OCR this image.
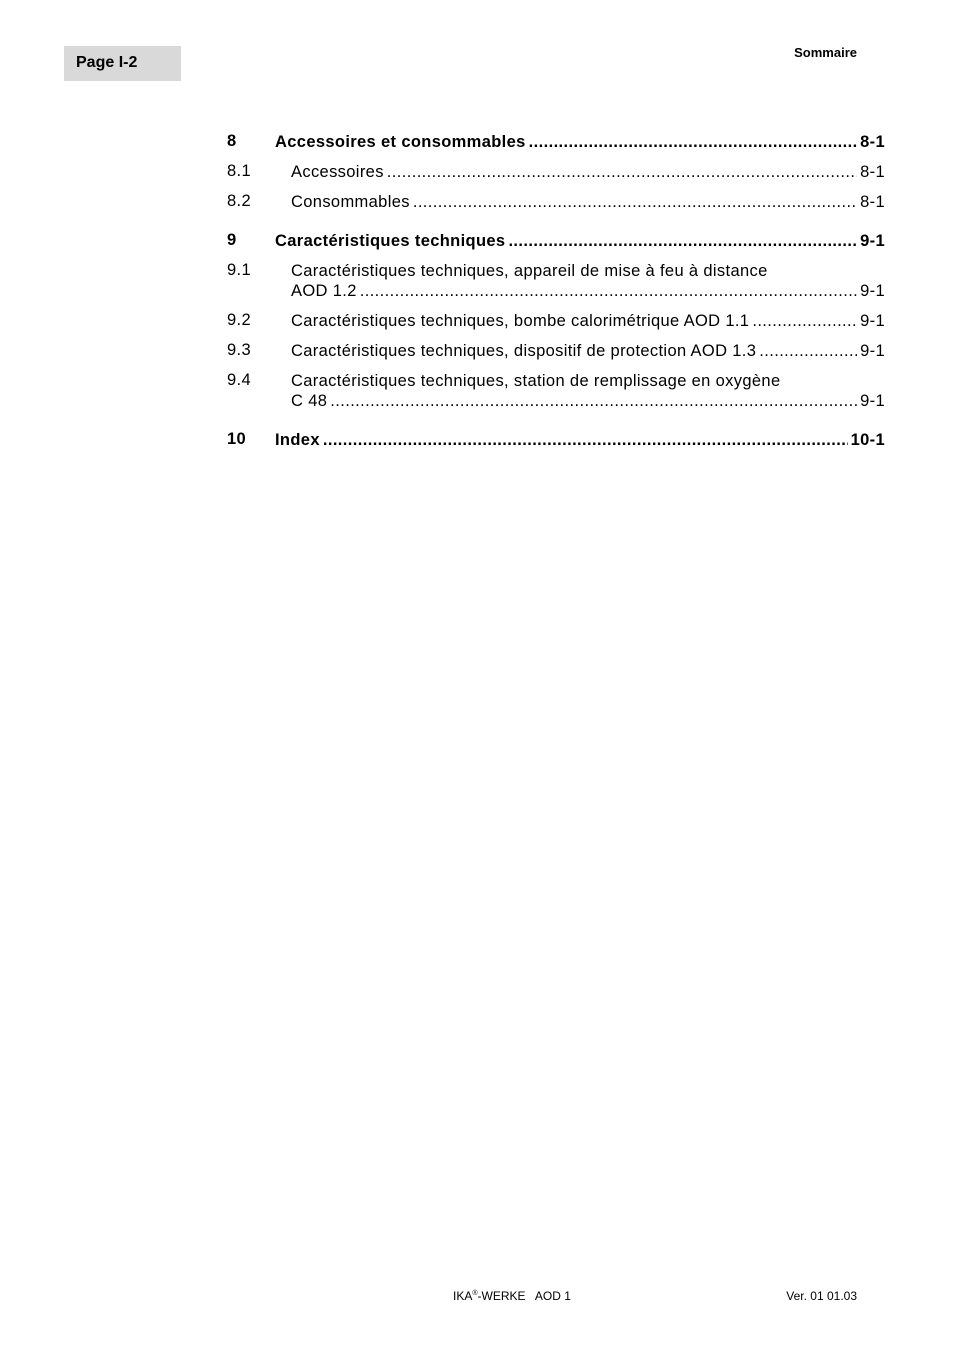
Page I-2
Sommaire
8 Accessoires et consommables .....	8-1
8.1 Accessoires .....	8-1
8.2 Consommables .....	8-1
9 Caractéristiques techniques .....	9-1
9.1 Caractéristiques techniques, appareil de mise à feu à distance
AOD 1.2 .....	9-1
9.2 Caractéristiques techniques, bombe calorimétrique AOD 1.1 .....	9-1
9.3 Caractéristiques techniques, dispositif de protection AOD 1.3 .....	9-1
9.4 Caractéristiques techniques, station de remplissage en oxygène
C 48 .....	9-1
10 Index .....	10-1
IKA®-WERKE   AOD 1	Ver. 01 01.03
